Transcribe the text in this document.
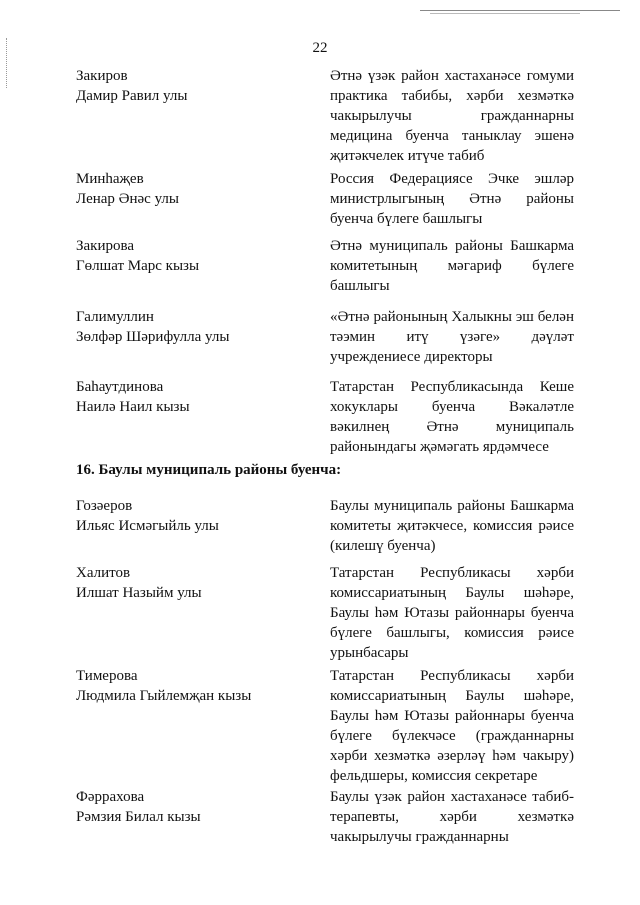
22
Закиров
Дамир Равил улы
Әтнә үзәк район хастаханәсе гомуми практика табибы, хәрби хезмәткә чакырылучы гражданнарны медицина буенча таныклау эшенә җитәкчелек итүче табиб
Минһаҗев
Ленар Әнәс улы
Россия Федерациясе Эчке эшләр министрлыгының Әтнә районы буенча бүлеге башлыгы
Закирова
Гөлшат Марс кызы
Әтнә муниципаль районы Башкарма комитетының мәгариф бүлеге башлыгы
Галимуллин
Зөлфәр Шәрифулла улы
«Әтнә районының Халыкны эш белән тәэмин итү үзәге» дәүләт учреждениесе директоры
Баһаутдинова
Наилә Наил кызы
Татарстан Республикасында Кеше хокуклары буенча Вәкаләтле вәкилнең Әтнә муниципаль районындагы җәмәгать ярдәмчесе
16. Баулы муниципаль районы буенча:
Гозәеров
Ильяс Исмәгыйль улы
Баулы муниципаль районы Башкарма комитеты җитәкчесе, комиссия рәисе (килешү буенча)
Халитов
Илшат Назыйм улы
Татарстан Республикасы хәрби комиссариатының Баулы шәһәре, Баулы һәм Ютазы районнары буенча бүлеге башлыгы, комиссия рәисе урынбасары
Тимерова
Людмила Гыйлемҗан кызы
Татарстан Республикасы хәрби комиссариатының Баулы шәһәре, Баулы һәм Ютазы районнары буенча бүлеге бүлекчәсе (гражданнарны хәрби хезмәткә әзерләү һәм чакыру) фельдшеры, комиссия секретаре
Фәррахова
Рәмзия Билал кызы
Баулы үзәк район хастаханәсе табиб-терапевты, хәрби хезмәткә чакырылучы гражданнарны
